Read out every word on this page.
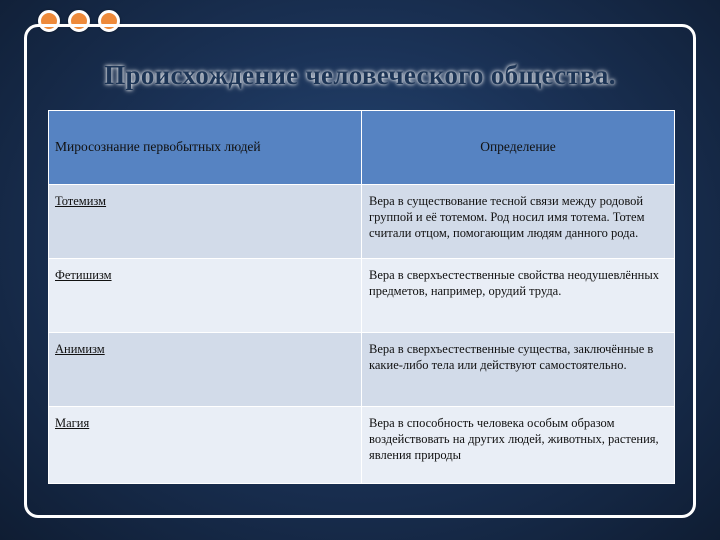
Происхождение человеческого общества.
Миросознание первобытных людей	Определение
Тотемизм	Вера в существование тесной связи между родовой группой и её тотемом. Род носил имя тотема. Тотем считали отцом, помогающим людям данного рода.
Фетишизм	Вера в сверхъестественные свойства неодушевлённых предметов, например, орудий труда.
Анимизм	Вера в сверхъестественные существа, заключённые в какие-либо тела или действуют самостоятельно.
Магия	Вера в способность человека особым образом воздействовать на других людей, животных, растения, явления природы
